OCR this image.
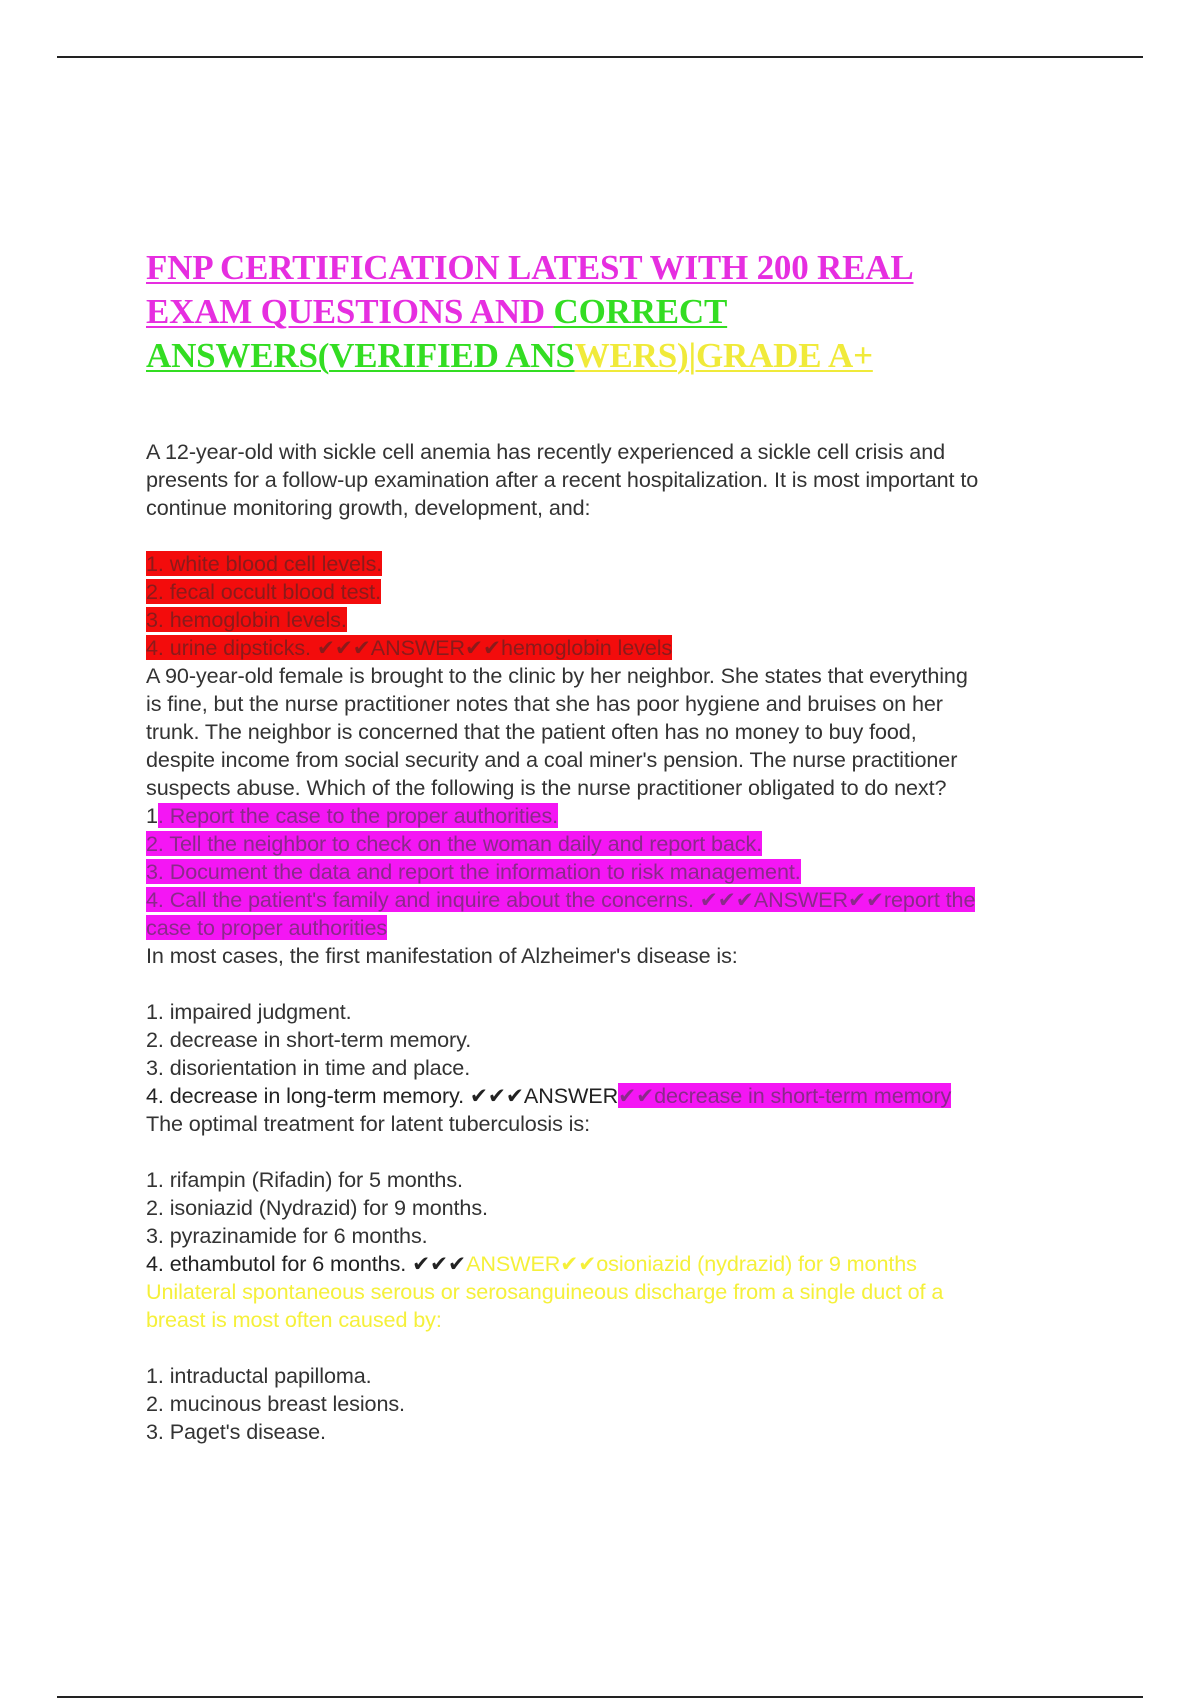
FNP CERTIFICATION LATEST WITH 200 REAL
EXAM QUESTIONS AND CORRECT
ANSWERS(VERIFIED ANSWERS)|GRADE A+
A 12-year-old with sickle cell anemia has recently experienced a sickle cell crisis and
presents for a follow-up examination after a recent hospitalization. It is most important to
continue monitoring growth, development, and:
1. white blood cell levels.
2. fecal occult blood test.
3. hemoglobin levels.
4. urine dipsticks. ✔✔✔ANSWER✔✔hemoglobin levels
A 90-year-old female is brought to the clinic by her neighbor. She states that everything
is fine, but the nurse practitioner notes that she has poor hygiene and bruises on her
trunk. The neighbor is concerned that the patient often has no money to buy food,
despite income from social security and a coal miner's pension. The nurse practitioner
suspects abuse. Which of the following is the nurse practitioner obligated to do next?
1. Report the case to the proper authorities.
2. Tell the neighbor to check on the woman daily and report back.
3. Document the data and report the information to risk management.
4. Call the patient's family and inquire about the concerns. ✔✔✔ANSWER✔✔report the
case to proper authorities
In most cases, the first manifestation of Alzheimer's disease is:
1. impaired judgment.
2. decrease in short-term memory.
3. disorientation in time and place.
4. decrease in long-term memory. ✔✔✔ANSWER✔✔decrease in short-term memory
The optimal treatment for latent tuberculosis is:
1. rifampin (Rifadin) for 5 months.
2. isoniazid (Nydrazid) for 9 months.
3. pyrazinamide for 6 months.
4. ethambutol for 6 months. ✔✔✔ANSWER✔✔osioniazid (nydrazid) for 9 months
Unilateral spontaneous serous or serosanguineous discharge from a single duct of a
breast is most often caused by:
1. intraductal papilloma.
2. mucinous breast lesions.
3. Paget's disease.
